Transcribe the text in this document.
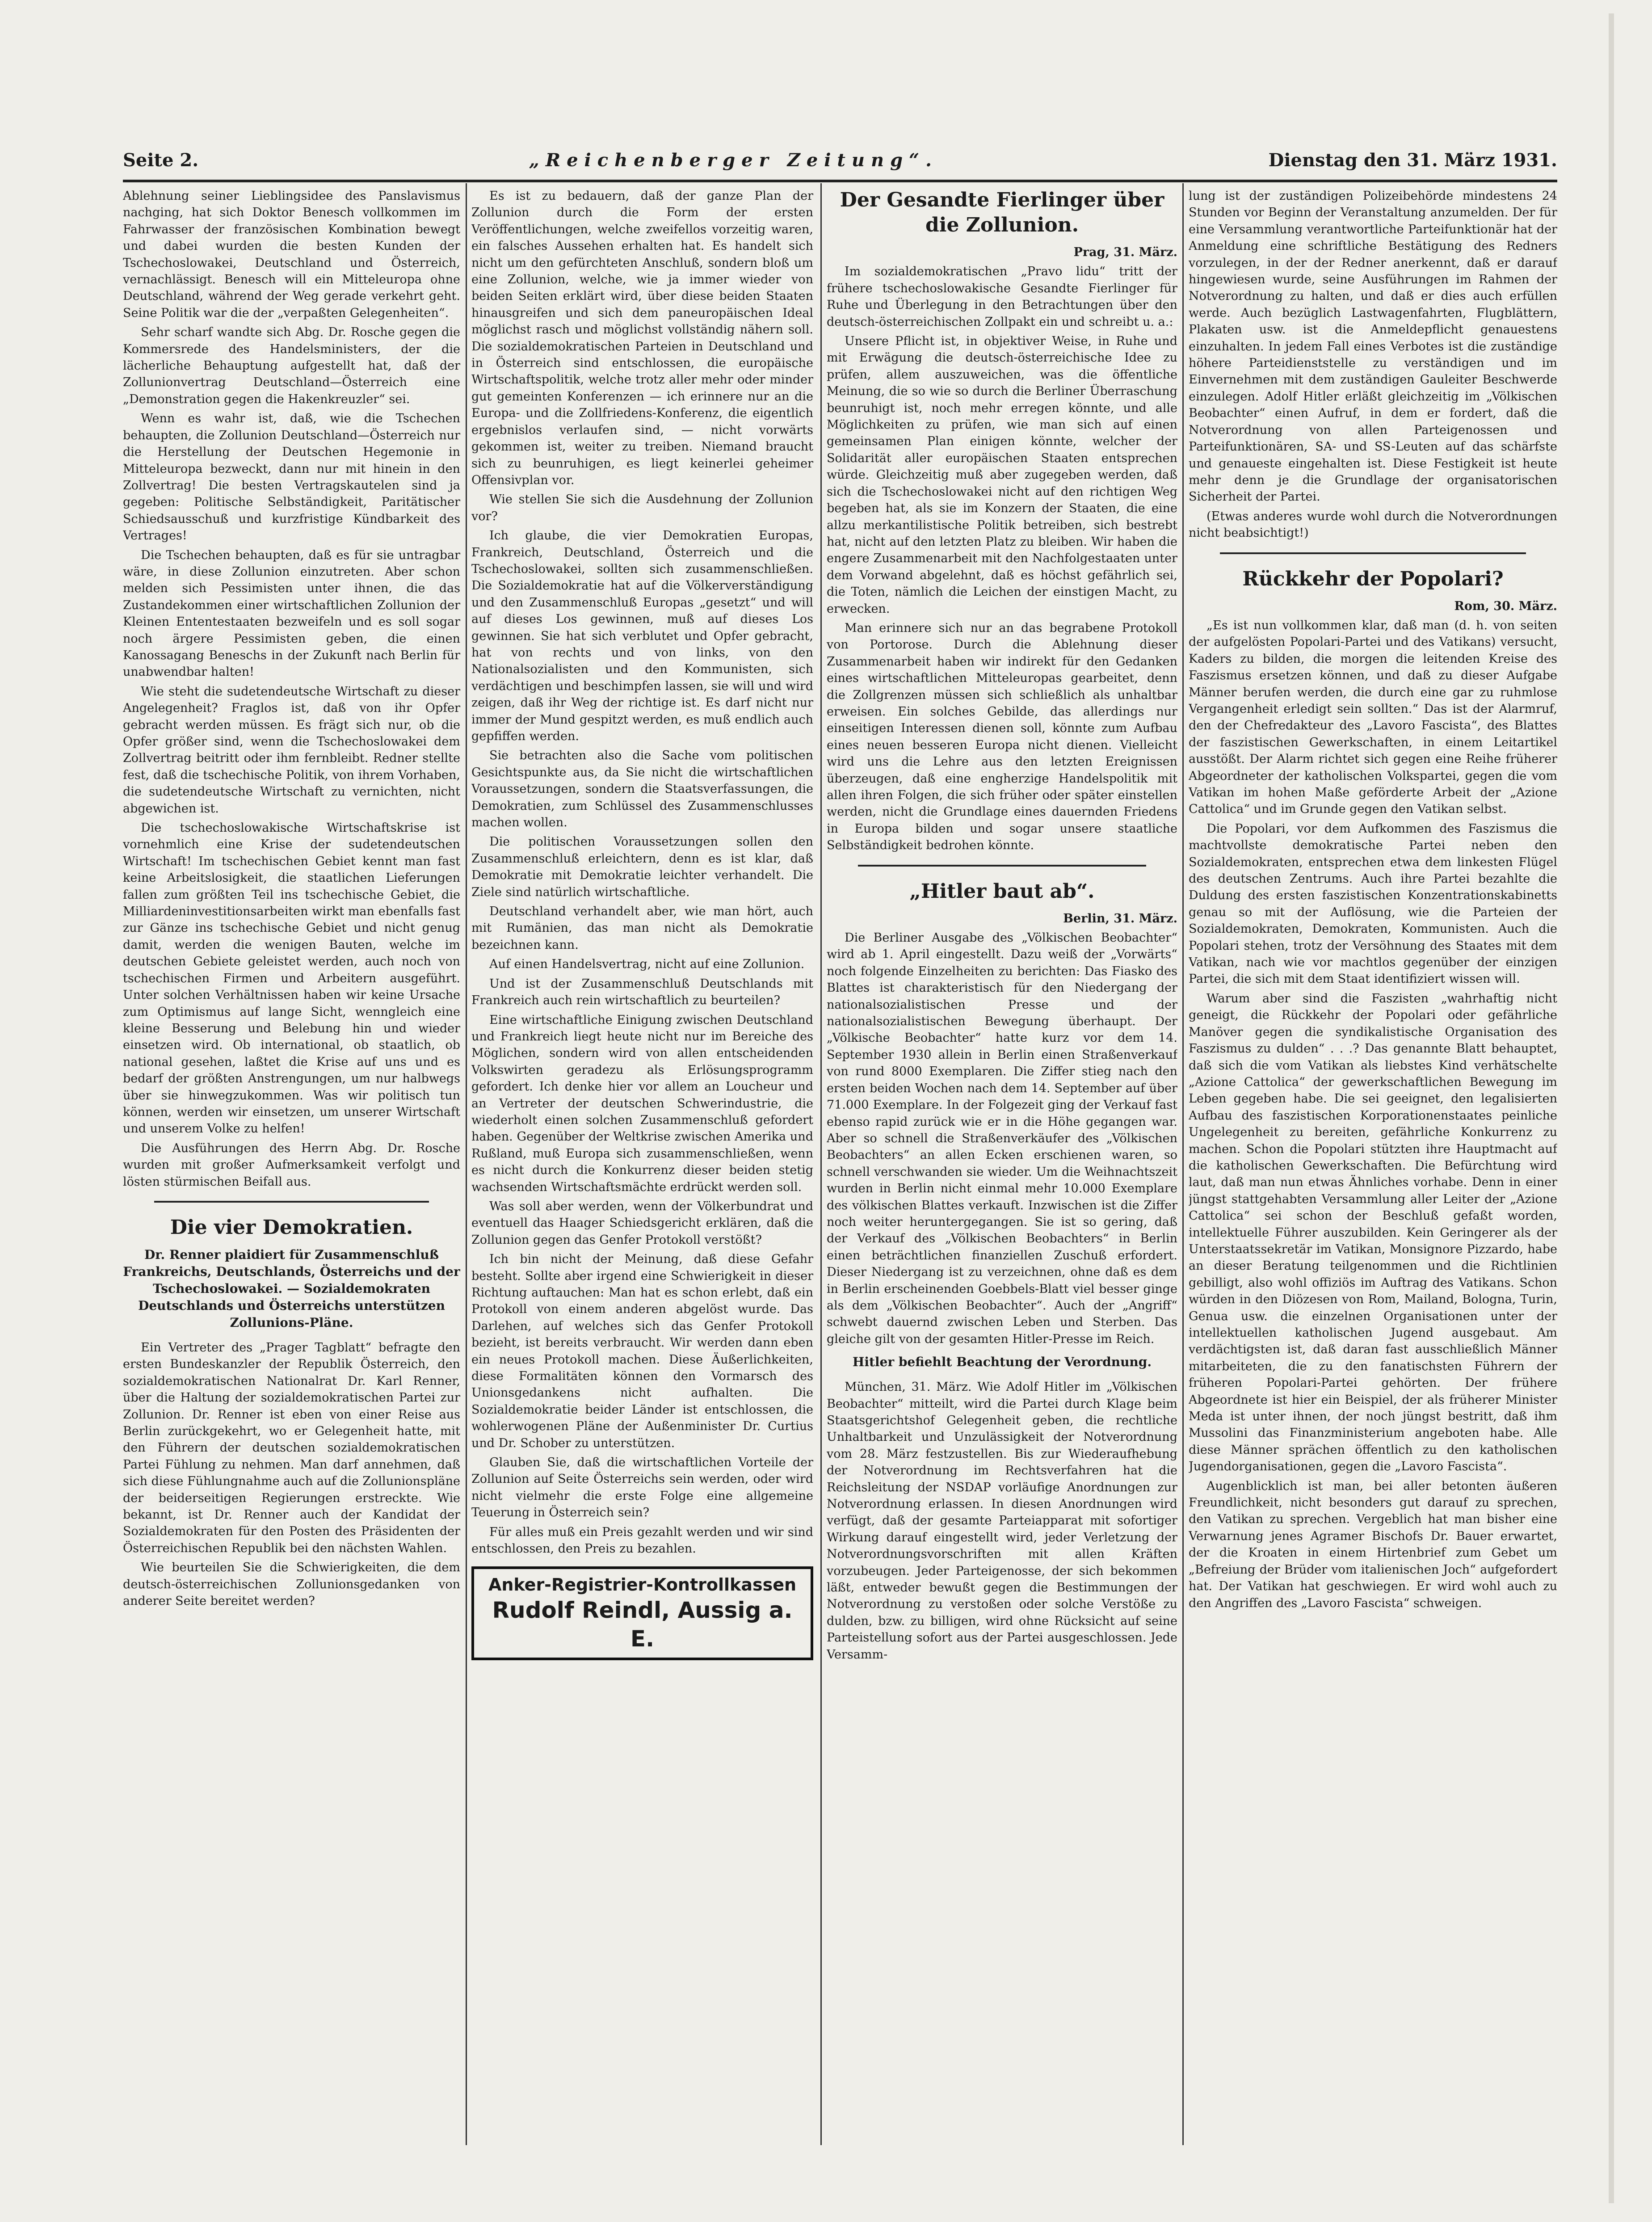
Seite 2.	„Reichenberger Zeitung“.	Dienstag den 31. März 1931.

Ablehnung seiner Lieblingsidee des Panslavismus nachging, hat sich Doktor Benesch vollkommen im Fahrwasser der französischen Kombination bewegt und dabei wurden die besten Kunden der Tschechoslowakei, Deutschland und Österreich, vernachlässigt. Benesch will ein Mitteleuropa ohne Deutschland, während der Weg gerade verkehrt geht. Seine Politik war die der „verpaßten Gelegenheiten“.

Sehr scharf wandte sich Abg. Dr. Rosche gegen die Kommersrede des Handelsministers, der die lächerliche Behauptung aufgestellt hat, daß der Zollunionvertrag Deutschland—Österreich eine „Demonstration gegen die Hakenkreuzler“ sei.

Wenn es wahr ist, daß, wie die Tschechen behaupten, die Zollunion Deutschland—Österreich nur die Herstellung der Deutschen Hegemonie in Mitteleuropa bezweckt, dann nur mit hinein in den Zollvertrag! Die besten Vertragskautelen sind ja gegeben: Politische Selbständigkeit, Paritätischer Schiedsausschuß und kurzfristige Kündbarkeit des Vertrages!

Die Tschechen behaupten, daß es für sie untragbar wäre, in diese Zollunion einzutreten. Aber schon melden sich Pessimisten unter ihnen, die das Zustandekommen einer wirtschaftlichen Zollunion der Kleinen Ententestaaten bezweifeln und es soll sogar noch ärgere Pessimisten geben, die einen Kanossagang Beneschs in der Zukunft nach Berlin für unabwendbar halten!

Wie steht die sudetendeutsche Wirtschaft zu dieser Angelegenheit? Fraglos ist, daß von ihr Opfer gebracht werden müssen. Es frägt sich nur, ob die Opfer größer sind, wenn die Tschechoslowakei dem Zollvertrag beitritt oder ihm fernbleibt. Redner stellte fest, daß die tschechische Politik, von ihrem Vorhaben, die sudetendeutsche Wirtschaft zu vernichten, nicht abgewichen ist.

Die tschechoslowakische Wirtschaftskrise ist vornehmlich eine Krise der sudetendeutschen Wirtschaft! Im tschechischen Gebiet kennt man fast keine Arbeitslosigkeit, die staatlichen Lieferungen fallen zum größten Teil ins tschechische Gebiet, die Milliardeninvestitionsarbeiten wirkt man ebenfalls fast zur Gänze ins tschechische Gebiet und nicht genug damit, werden die wenigen Bauten, welche im deutschen Gebiete geleistet werden, auch noch von tschechischen Firmen und Arbeitern ausgeführt. Unter solchen Verhältnissen haben wir keine Ursache zum Optimismus auf lange Sicht, wenngleich eine kleine Besserung und Belebung hin und wieder einsetzen wird. Ob international, ob staatlich, ob national gesehen, laßtet die Krise auf uns und es bedarf der größten Anstrengungen, um nur halbwegs über sie hinwegzukommen. Was wir politisch tun können, werden wir einsetzen, um unserer Wirtschaft und unserem Volke zu helfen!

Die Ausführungen des Herrn Abg. Dr. Rosche wurden mit großer Aufmerksamkeit verfolgt und lösten stürmischen Beifall aus.

Die vier Demokratien.
Dr. Renner plaidiert für Zusammenschluß Frankreichs, Deutschlands, Österreichs und der Tschechoslowakei. — Sozialdemokraten Deutschlands und Österreichs unterstützen Zollunions-Pläne.

Ein Vertreter des „Prager Tagblatt“ befragte den ersten Bundeskanzler der Republik Österreich, den sozialdemokratischen Nationalrat Dr. Karl Renner, über die Haltung der sozialdemokratischen Partei zur Zollunion. Dr. Renner ist eben von einer Reise aus Berlin zurückgekehrt, wo er Gelegenheit hatte, mit den Führern der deutschen sozialdemokratischen Partei Fühlung zu nehmen. Man darf annehmen, daß sich diese Fühlungnahme auch auf die Zollunionspläne der beiderseitigen Regierungen erstreckte. Wie bekannt, ist Dr. Renner auch der Kandidat der Sozialdemokraten für den Posten des Präsidenten der Österreichischen Republik bei den nächsten Wahlen.

Wie beurteilen Sie die Schwierigkeiten, die dem deutsch-österreichischen Zollunionsgedanken von anderer Seite bereitet werden?

Es ist zu bedauern, daß der ganze Plan der Zollunion durch die Form der ersten Veröffentlichungen, welche zweifellos vorzeitig waren, ein falsches Aussehen erhalten hat. Es handelt sich nicht um den gefürchteten Anschluß, sondern bloß um eine Zollunion, welche, wie ja immer wieder von beiden Seiten erklärt wird, über diese beiden Staaten hinausgreifen und sich dem paneuropäischen Ideal möglichst rasch und möglichst vollständig nähern soll. Die sozialdemokratischen Parteien in Deutschland und in Österreich sind entschlossen, die europäische Wirtschaftspolitik, welche trotz aller mehr oder minder gut gemeinten Konferenzen — ich erinnere nur an die Europa- und die Zollfriedens-Konferenz, die eigentlich ergebnislos verlaufen sind, — nicht vorwärts gekommen ist, weiter zu treiben. Niemand braucht sich zu beunruhigen, es liegt keinerlei geheimer Offensivplan vor.

Wie stellen Sie sich die Ausdehnung der Zollunion vor?

Ich glaube, die vier Demokratien Europas, Frankreich, Deutschland, Österreich und die Tschechoslowakei, sollten sich zusammenschließen. Die Sozialdemokratie hat auf die Völkerverständigung und den Zusammenschluß Europas „gesetzt“ und will auf dieses Los gewinnen, muß auf dieses Los gewinnen. Sie hat sich verblutet und Opfer gebracht, hat von rechts und von links, von den Nationalsozialisten und den Kommunisten, sich verdächtigen und beschimpfen lassen, sie will und wird zeigen, daß ihr Weg der richtige ist. Es darf nicht nur immer der Mund gespitzt werden, es muß endlich auch gepfiffen werden.

Sie betrachten also die Sache vom politischen Gesichtspunkte aus, da Sie nicht die wirtschaftlichen Voraussetzungen, sondern die Staatsverfassungen, die Demokratien, zum Schlüssel des Zusammenschlusses machen wollen.

Die politischen Voraussetzungen sollen den Zusammenschluß erleichtern, denn es ist klar, daß Demokratie mit Demokratie leichter verhandelt. Die Ziele sind natürlich wirtschaftliche.

Deutschland verhandelt aber, wie man hört, auch mit Rumänien, das man nicht als Demokratie bezeichnen kann.

Auf einen Handelsvertrag, nicht auf eine Zollunion.

Und ist der Zusammenschluß Deutschlands mit Frankreich auch rein wirtschaftlich zu beurteilen?

Eine wirtschaftliche Einigung zwischen Deutschland und Frankreich liegt heute nicht nur im Bereiche des Möglichen, sondern wird von allen entscheidenden Volkswirten geradezu als Erlösungsprogramm gefordert. Ich denke hier vor allem an Loucheur und an Vertreter der deutschen Schwerindustrie, die wiederholt einen solchen Zusammenschluß gefordert haben. Gegenüber der Weltkrise zwischen Amerika und Rußland, muß Europa sich zusammenschließen, wenn es nicht durch die Konkurrenz dieser beiden stetig wachsenden Wirtschaftsmächte erdrückt werden soll.

Was soll aber werden, wenn der Völkerbundrat und eventuell das Haager Schiedsgericht erklären, daß die Zollunion gegen das Genfer Protokoll verstößt?

Ich bin nicht der Meinung, daß diese Gefahr besteht. Sollte aber irgend eine Schwierigkeit in dieser Richtung auftauchen: Man hat es schon erlebt, daß ein Protokoll von einem anderen abgelöst wurde. Das Darlehen, auf welches sich das Genfer Protokoll bezieht, ist bereits verbraucht. Wir werden dann eben ein neues Protokoll machen. Diese Äußerlichkeiten, diese Formalitäten können den Vormarsch des Unionsgedankens nicht aufhalten. Die Sozialdemokratie beider Länder ist entschlossen, die wohlerwogenen Pläne der Außenminister Dr. Curtius und Dr. Schober zu unterstützen.

Glauben Sie, daß die wirtschaftlichen Vorteile der Zollunion auf Seite Österreichs sein werden, oder wird nicht vielmehr die erste Folge eine allgemeine Teuerung in Österreich sein?

Für alles muß ein Preis gezahlt werden und wir sind entschlossen, den Preis zu bezahlen.

Anker-Registrier-Kontrollkassen
Rudolf Reindl, Aussig a. E.
Der Gesandte Fierlinger über die Zollunion.

Prag, 31. März.

Im sozialdemokratischen „Pravo lidu“ tritt der frühere tschechoslowakische Gesandte Fierlinger für Ruhe und Überlegung in den Betrachtungen über den deutsch-österreichischen Zollpakt ein und schreibt u. a.:

Unsere Pflicht ist, in objektiver Weise, in Ruhe und mit Erwägung die deutsch-österreichische Idee zu prüfen, allem auszuweichen, was die öffentliche Meinung, die so wie so durch die Berliner Überraschung beunruhigt ist, noch mehr erregen könnte, und alle Möglichkeiten zu prüfen, wie man sich auf einen gemeinsamen Plan einigen könnte, welcher der Solidarität aller europäischen Staaten entsprechen würde. Gleichzeitig muß aber zugegeben werden, daß sich die Tschechoslowakei nicht auf den richtigen Weg begeben hat, als sie im Konzern der Staaten, die eine allzu merkantilistische Politik betreiben, sich bestrebt hat, nicht auf den letzten Platz zu bleiben. Wir haben die engere Zusammenarbeit mit den Nachfolgestaaten unter dem Vorwand abgelehnt, daß es höchst gefährlich sei, die Toten, nämlich die Leichen der einstigen Macht, zu erwecken.

Man erinnere sich nur an das begrabene Protokoll von Portorose. Durch die Ablehnung dieser Zusammenarbeit haben wir indirekt für den Gedanken eines wirtschaftlichen Mitteleuropas gearbeitet, denn die Zollgrenzen müssen sich schließlich als unhaltbar erweisen. Ein solches Gebilde, das allerdings nur einseitigen Interessen dienen soll, könnte zum Aufbau eines neuen besseren Europa nicht dienen. Vielleicht wird uns die Lehre aus den letzten Ereignissen überzeugen, daß eine engherzige Handelspolitik mit allen ihren Folgen, die sich früher oder später einstellen werden, nicht die Grundlage eines dauernden Friedens in Europa bilden und sogar unsere staatliche Selbständigkeit bedrohen könnte.

„Hitler baut ab“.

Berlin, 31. März.

Die Berliner Ausgabe des „Völkischen Beobachter“ wird ab 1. April eingestellt. Dazu weiß der „Vorwärts“ noch folgende Einzelheiten zu berichten: Das Fiasko des Blattes ist charakteristisch für den Niedergang der nationalsozialistischen Presse und der nationalsozialistischen Bewegung überhaupt. Der „Völkische Beobachter“ hatte kurz vor dem 14. September 1930 allein in Berlin einen Straßenverkauf von rund 8000 Exemplaren. Die Ziffer stieg nach den ersten beiden Wochen nach dem 14. September auf über 71.000 Exemplare. In der Folgezeit ging der Verkauf fast ebenso rapid zurück wie er in die Höhe gegangen war. Aber so schnell die Straßenverkäufer des „Völkischen Beobachters“ an allen Ecken erschienen waren, so schnell verschwanden sie wieder. Um die Weihnachtszeit wurden in Berlin nicht einmal mehr 10.000 Exemplare des völkischen Blattes verkauft. Inzwischen ist die Ziffer noch weiter heruntergegangen. Sie ist so gering, daß der Verkauf des „Völkischen Beobachters“ in Berlin einen beträchtlichen finanziellen Zuschuß erfordert. Dieser Niedergang ist zu verzeichnen, ohne daß es dem in Berlin erscheinenden Goebbels-Blatt viel besser ginge als dem „Völkischen Beobachter“. Auch der „Angriff“ schwebt dauernd zwischen Leben und Sterben. Das gleiche gilt von der gesamten Hitler-Presse im Reich.

Hitler befiehlt Beachtung der Verordnung.

München, 31. März. Wie Adolf Hitler im „Völkischen Beobachter“ mitteilt, wird die Partei durch Klage beim Staatsgerichtshof Gelegenheit geben, die rechtliche Unhaltbarkeit und Unzulässigkeit der Notverordnung vom 28. März festzustellen. Bis zur Wiederaufhebung der Notverordnung im Rechtsverfahren hat die Reichsleitung der NSDAP vorläufige Anordnungen zur Notverordnung erlassen. In diesen Anordnungen wird verfügt, daß der gesamte Parteiapparat mit sofortiger Wirkung darauf eingestellt wird, jeder Verletzung der Notverordnungsvorschriften mit allen Kräften vorzubeugen. Jeder Parteigenosse, der sich bekommen läßt, entweder bewußt gegen die Bestimmungen der Notverordnung zu verstoßen oder solche Verstöße zu dulden, bzw. zu billigen, wird ohne Rücksicht auf seine Parteistellung sofort aus der Partei ausgeschlossen. Jede Versamm-

lung ist der zuständigen Polizeibehörde mindestens 24 Stunden vor Beginn der Veranstaltung anzumelden. Der für eine Versammlung verantwortliche Parteifunktionär hat der Anmeldung eine schriftliche Bestätigung des Redners vorzulegen, in der der Redner anerkennt, daß er darauf hingewiesen wurde, seine Ausführungen im Rahmen der Notverordnung zu halten, und daß er dies auch erfüllen werde. Auch bezüglich Lastwagenfahrten, Flugblättern, Plakaten usw. ist die Anmeldepflicht genauestens einzuhalten. In jedem Fall eines Verbotes ist die zuständige höhere Parteidienststelle zu verständigen und im Einvernehmen mit dem zuständigen Gauleiter Beschwerde einzulegen. Adolf Hitler erläßt gleichzeitig im „Völkischen Beobachter“ einen Aufruf, in dem er fordert, daß die Notverordnung von allen Parteigenossen und Parteifunktionären, SA- und SS-Leuten auf das schärfste und genaueste eingehalten ist. Diese Festigkeit ist heute mehr denn je die Grundlage der organisatorischen Sicherheit der Partei.

(Etwas anderes wurde wohl durch die Notverordnungen nicht beabsichtigt!)

Rückkehr der Popolari?

Rom, 30. März.

„Es ist nun vollkommen klar, daß man (d. h. von seiten der aufgelösten Popolari-Partei und des Vatikans) versucht, Kaders zu bilden, die morgen die leitenden Kreise des Faszismus ersetzen können, und daß zu dieser Aufgabe Männer berufen werden, die durch eine gar zu ruhmlose Vergangenheit erledigt sein sollten.“ Das ist der Alarmruf, den der Chefredakteur des „Lavoro Fascista“, des Blattes der faszistischen Gewerkschaften, in einem Leitartikel ausstößt. Der Alarm richtet sich gegen eine Reihe früherer Abgeordneter der katholischen Volkspartei, gegen die vom Vatikan im hohen Maße geförderte Arbeit der „Azione Cattolica“ und im Grunde gegen den Vatikan selbst.

Die Popolari, vor dem Aufkommen des Faszismus die machtvollste demokratische Partei neben den Sozialdemokraten, entsprechen etwa dem linkesten Flügel des deutschen Zentrums. Auch ihre Partei bezahlte die Duldung des ersten faszistischen Konzentrationskabinetts genau so mit der Auflösung, wie die Parteien der Sozialdemokraten, Demokraten, Kommunisten. Auch die Popolari stehen, trotz der Versöhnung des Staates mit dem Vatikan, nach wie vor machtlos gegenüber der einzigen Partei, die sich mit dem Staat identifiziert wissen will.

Warum aber sind die Faszisten „wahrhaftig nicht geneigt, die Rückkehr der Popolari oder gefährliche Manöver gegen die syndikalistische Organisation des Faszismus zu dulden“ . . .? Das genannte Blatt behauptet, daß sich die vom Vatikan als liebstes Kind verhätschelte „Azione Cattolica“ der gewerkschaftlichen Bewegung im Leben gegeben habe. Die sei geeignet, den legalisierten Aufbau des faszistischen Korporationenstaates peinliche Ungelegenheit zu bereiten, gefährliche Konkurrenz zu machen. Schon die Popolari stützten ihre Hauptmacht auf die katholischen Gewerkschaften. Die Befürchtung wird laut, daß man nun etwas Ähnliches vorhabe. Denn in einer jüngst stattgehabten Versammlung aller Leiter der „Azione Cattolica“ sei schon der Beschluß gefaßt worden, intellektuelle Führer auszubilden. Kein Geringerer als der Unterstaatssekretär im Vatikan, Monsignore Pizzardo, habe an dieser Beratung teilgenommen und die Richtlinien gebilligt, also wohl offiziös im Auftrag des Vatikans. Schon würden in den Diözesen von Rom, Mailand, Bologna, Turin, Genua usw. die einzelnen Organisationen unter der intellektuellen katholischen Jugend ausgebaut. Am verdächtigsten ist, daß daran fast ausschließlich Männer mitarbeiteten, die zu den fanatischsten Führern der früheren Popolari-Partei gehörten. Der frühere Abgeordnete ist hier ein Beispiel, der als früherer Minister Meda ist unter ihnen, der noch jüngst bestritt, daß ihm Mussolini das Finanzministerium angeboten habe. Alle diese Männer sprächen öffentlich zu den katholischen Jugendorganisationen, gegen die „Lavoro Fascista“.

Augenblicklich ist man, bei aller betonten äußeren Freundlichkeit, nicht besonders gut darauf zu sprechen, den Vatikan zu sprechen. Vergeblich hat man bisher eine Verwarnung jenes Agramer Bischofs Dr. Bauer erwartet, der die Kroaten in einem Hirtenbrief zum Gebet um „Befreiung der Brüder vom italienischen Joch“ aufgefordert hat. Der Vatikan hat geschwiegen. Er wird wohl auch zu den Angriffen des „Lavoro Fascista“ schweigen.
